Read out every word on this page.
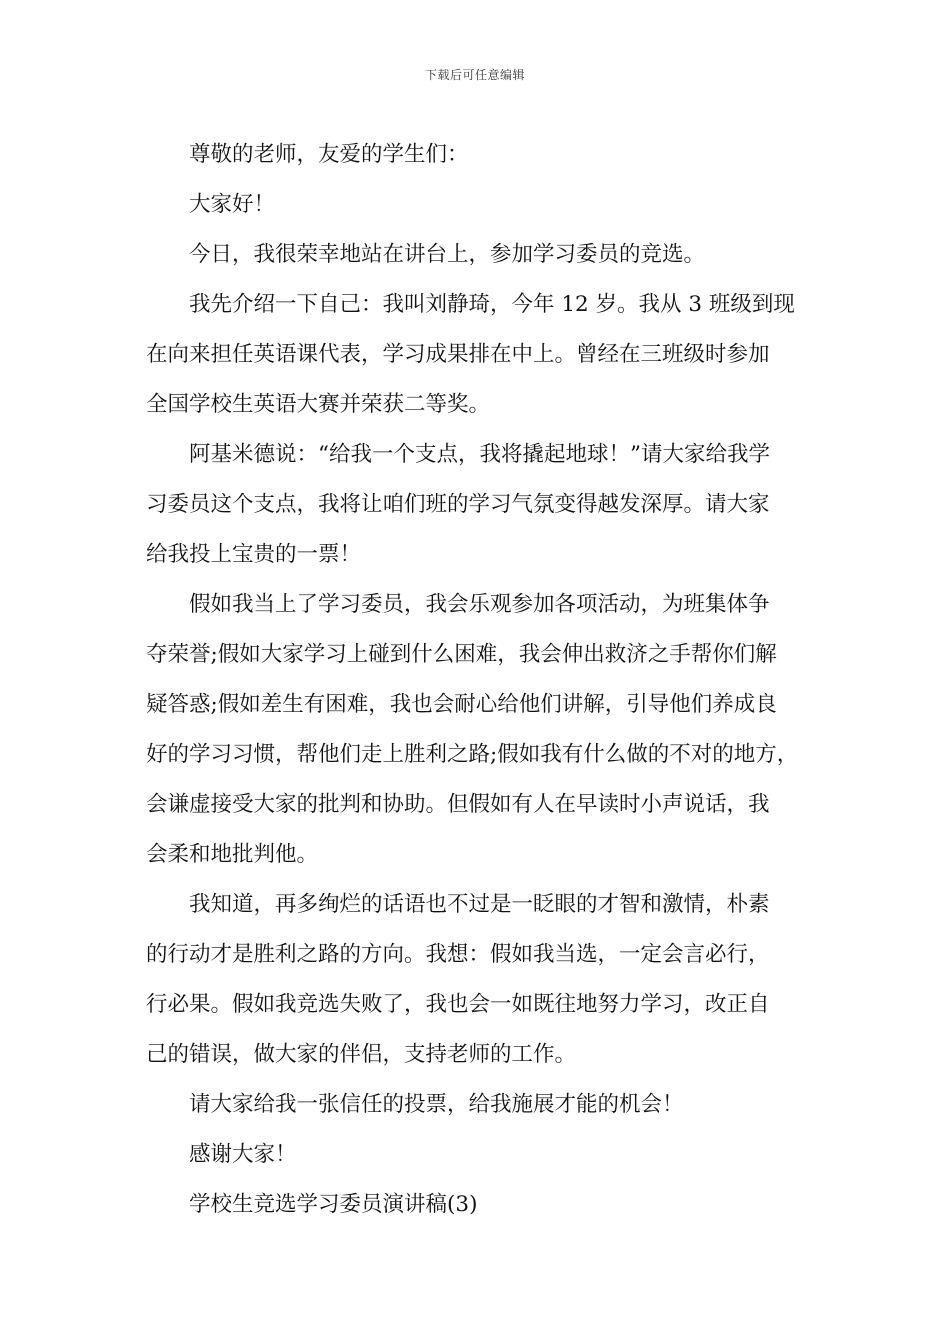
下载后可任意编辑

尊敬的老师，友爱的学生们：

大家好！

今日，我很荣幸地站在讲台上，参加学习委员的竞选。

我先介绍一下自己：我叫刘静琦，今年 12 岁。我从 3 班级到现
在向来担任英语课代表，学习成果排在中上。曾经在三班级时参加
全国学校生英语大赛并荣获二等奖。

阿基米德说：“给我一个支点，我将撬起地球！”请大家给我学
习委员这个支点，我将让咱们班的学习气氛变得越发深厚。请大家
给我投上宝贵的一票！

假如我当上了学习委员，我会乐观参加各项活动，为班集体争
夺荣誉;假如大家学习上碰到什么困难，我会伸出救济之手帮你们解
疑答惑;假如差生有困难，我也会耐心给他们讲解，引导他们养成良
好的学习习惯，帮他们走上胜利之路;假如我有什么做的不对的地方，
会谦虚接受大家的批判和协助。但假如有人在早读时小声说话，我
会柔和地批判他。

我知道，再多绚烂的话语也不过是一眨眼的才智和激情，朴素
的行动才是胜利之路的方向。我想：假如我当选，一定会言必行，
行必果。假如我竞选失败了，我也会一如既往地努力学习，改正自
己的错误，做大家的伴侣，支持老师的工作。

请大家给我一张信任的投票，给我施展才能的机会！

感谢大家！

学校生竞选学习委员演讲稿(3)
